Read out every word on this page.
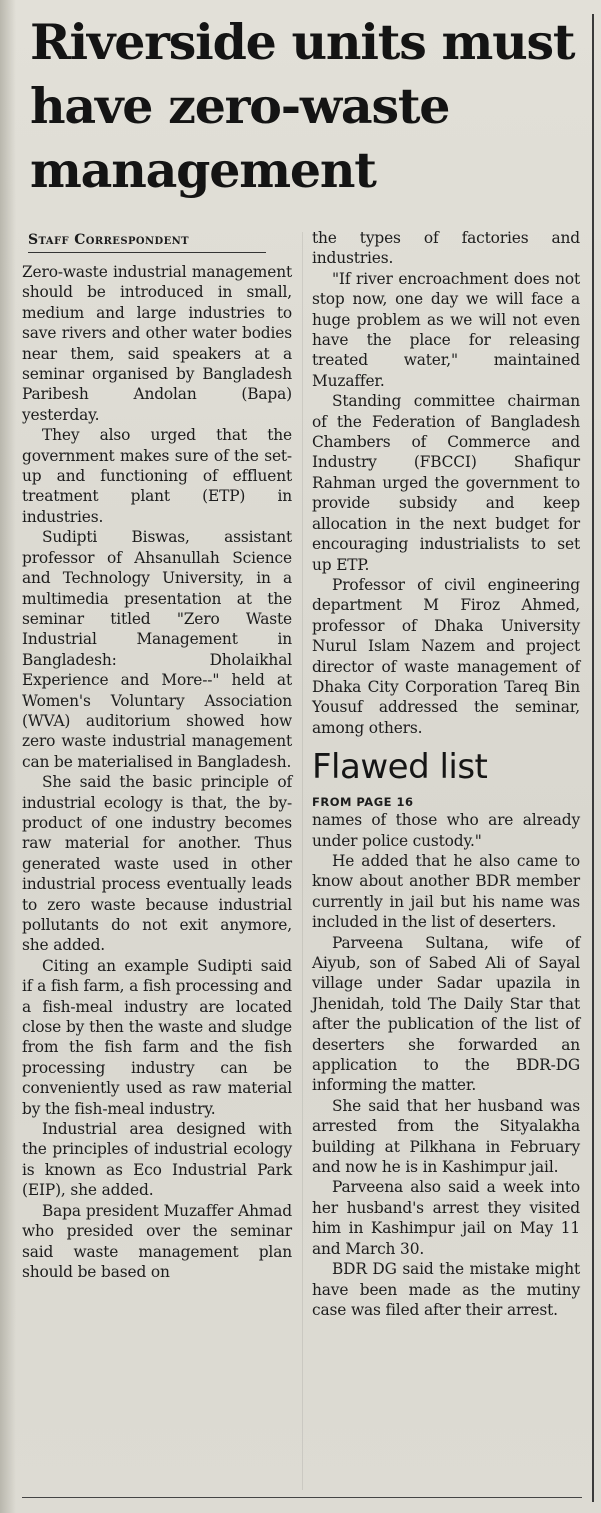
Riverside units must have zero-waste management
Staff Correspondent

Zero-waste industrial management should be introduced in small, medium and large industries to save rivers and other water bodies near them, said speakers at a seminar organised by Bangladesh Paribesh Andolan (Bapa) yesterday.

They also urged that the government makes sure of the set-up and functioning of effluent treatment plant (ETP) in industries.

Sudipti Biswas, assistant professor of Ahsanullah Science and Technology University, in a multimedia presentation at the seminar titled "Zero Waste Industrial Management in Bangladesh: Dholaikhal Experience and More--" held at Women's Voluntary Association (WVA) auditorium showed how zero waste industrial management can be materialised in Bangladesh.

She said the basic principle of industrial ecology is that, the by-product of one industry becomes raw material for another. Thus generated waste used in other industrial process eventually leads to zero waste because industrial pollutants do not exit anymore, she added.

Citing an example Sudipti said if a fish farm, a fish processing and a fish-meal industry are located close by then the waste and sludge from the fish farm and the fish processing industry can be conveniently used as raw material by the fish-meal industry.

Industrial area designed with the principles of industrial ecology is known as Eco Industrial Park (EIP), she added.

Bapa president Muzaffer Ahmad who presided over the seminar said waste management plan should be based on

the types of factories and industries.

"If river encroachment does not stop now, one day we will face a huge problem as we will not even have the place for releasing treated water," maintained Muzaffer.

Standing committee chairman of the Federation of Bangladesh Chambers of Commerce and Industry (FBCCI) Shafiqur Rahman urged the government to provide subsidy and keep allocation in the next budget for encouraging industrialists to set up ETP.

Professor of civil engineering department M Firoz Ahmed, professor of Dhaka University Nurul Islam Nazem and project director of waste management of Dhaka City Corporation Tareq Bin Yousuf addressed the seminar, among others.

Flawed list
FROM PAGE 16

names of those who are already under police custody."

He added that he also came to know about another BDR member currently in jail but his name was included in the list of deserters.

Parveena Sultana, wife of Aiyub, son of Sabed Ali of Sayal village under Sadar upazila in Jhenidah, told The Daily Star that after the publication of the list of deserters she forwarded an application to the BDR-DG informing the matter.

She said that her husband was arrested from the Sityalakha building at Pilkhana in February and now he is in Kashimpur jail.

Parveena also said a week into her husband's arrest they visited him in Kashimpur jail on May 11 and March 30.

BDR DG said the mistake might have been made as the mutiny case was filed after their arrest.
